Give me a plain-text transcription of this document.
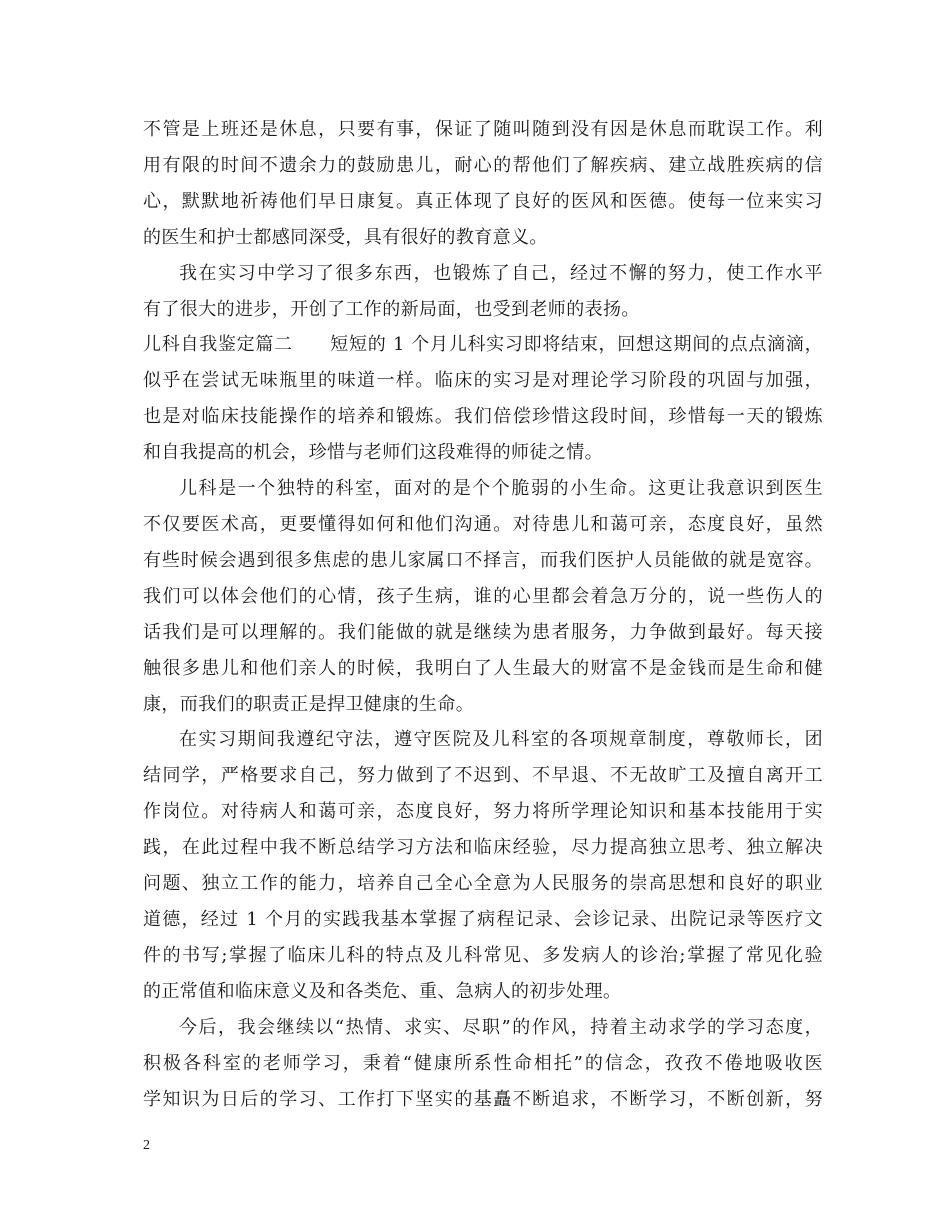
不管是上班还是休息，只要有事，保证了随叫随到没有因是休息而耽误工作。利
用有限的时间不遗余力的鼓励患儿，耐心的帮他们了解疾病、建立战胜疾病的信
心，默默地祈祷他们早日康复。真正体现了良好的医风和医德。使每一位来实习
的医生和护士都感同深受，具有很好的教育意义。
我在实习中学习了很多东西，也锻炼了自己，经过不懈的努力，使工作水平
有了很大的进步，开创了工作的新局面，也受到老师的表扬。
儿科自我鉴定篇二　　短短的 1 个月儿科实习即将结束，回想这期间的点点滴滴，
似乎在尝试无味瓶里的味道一样。临床的实习是对理论学习阶段的巩固与加强，
也是对临床技能操作的培养和锻炼。我们倍偿珍惜这段时间，珍惜每一天的锻炼
和自我提高的机会，珍惜与老师们这段难得的师徒之情。
儿科是一个独特的科室，面对的是个个脆弱的小生命。这更让我意识到医生
不仅要医术高，更要懂得如何和他们沟通。对待患儿和蔼可亲，态度良好，虽然
有些时候会遇到很多焦虑的患儿家属口不择言，而我们医护人员能做的就是宽容。
我们可以体会他们的心情，孩子生病，谁的心里都会着急万分的，说一些伤人的
话我们是可以理解的。我们能做的就是继续为患者服务，力争做到最好。每天接
触很多患儿和他们亲人的时候，我明白了人生最大的财富不是金钱而是生命和健
康，而我们的职责正是捍卫健康的生命。
在实习期间我遵纪守法，遵守医院及儿科室的各项规章制度，尊敬师长，团
结同学，严格要求自己，努力做到了不迟到、不早退、不无故旷工及擅自离开工
作岗位。对待病人和蔼可亲，态度良好，努力将所学理论知识和基本技能用于实
践，在此过程中我不断总结学习方法和临床经验，尽力提高独立思考、独立解决
问题、独立工作的能力，培养自己全心全意为人民服务的崇高思想和良好的职业
道德，经过 1 个月的实践我基本掌握了病程记录、会诊记录、出院记录等医疗文
件的书写;掌握了临床儿科的特点及儿科常见、多发病人的诊治;掌握了常见化验
的正常值和临床意义及和各类危、重、急病人的初步处理。
今后，我会继续以“热情、求实、尽职”的作风，持着主动求学的学习态度，
积极各科室的老师学习，秉着“健康所系性命相托”的信念，孜孜不倦地吸收医
学知识为日后的学习、工作打下坚实的基矗不断追求，不断学习，不断创新，努
2
